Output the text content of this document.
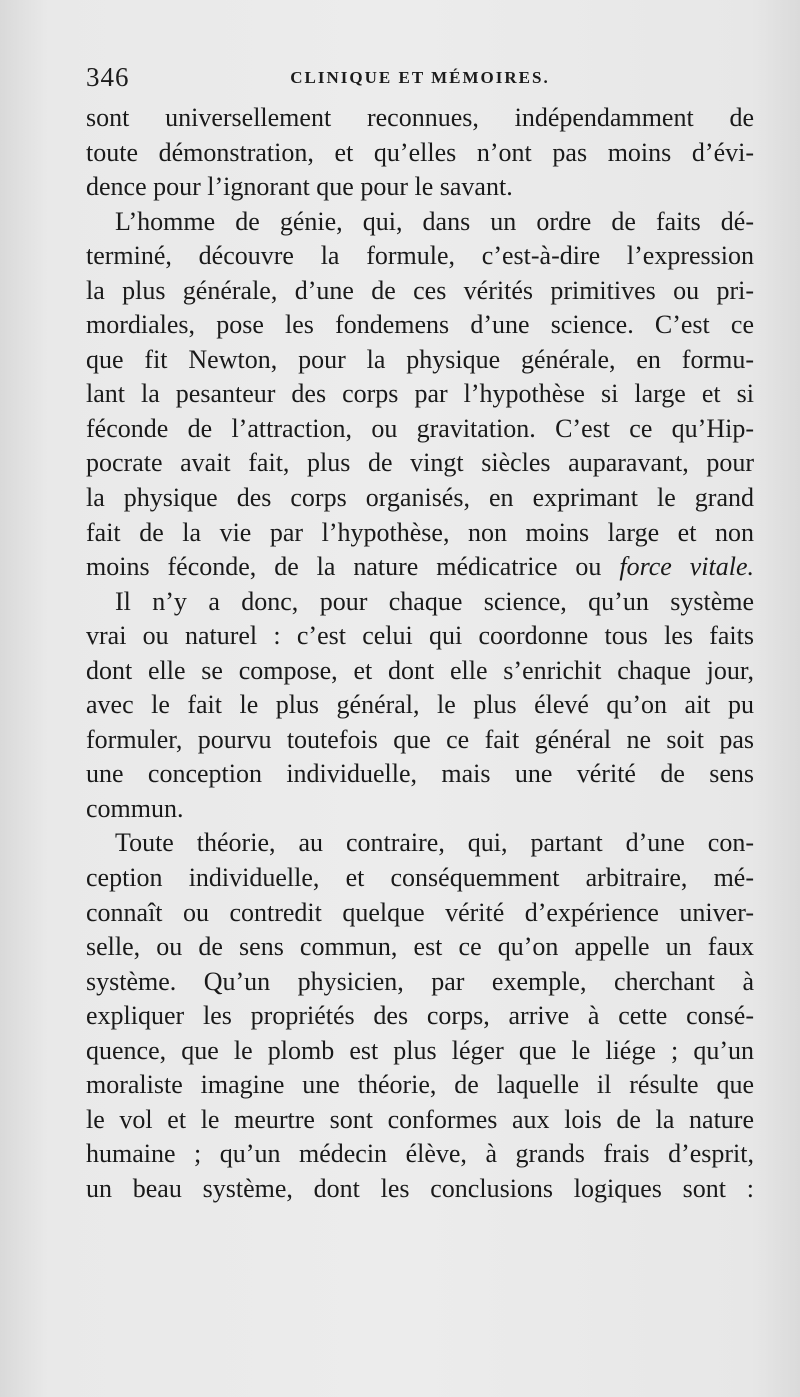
346	CLINIQUE ET MÉMOIRES.
sont universellement reconnues, indépendamment de
toute démonstration, et qu’elles n’ont pas moins d’évi-
dence pour l’ignorant que pour le savant.
L’homme de génie, qui, dans un ordre de faits dé-
terminé, découvre la formule, c’est-à-dire l’expression
la plus générale, d’une de ces vérités primitives ou pri-
mordiales, pose les fondemens d’une science. C’est ce
que fit Newton, pour la physique générale, en formu-
lant la pesanteur des corps par l’hypothèse si large et si
féconde de l’attraction, ou gravitation. C’est ce qu’Hip-
pocrate avait fait, plus de vingt siècles auparavant, pour
la physique des corps organisés, en exprimant le grand
fait de la vie par l’hypothèse, non moins large et non
moins féconde, de la nature médicatrice ou force vitale.
Il n’y a donc, pour chaque science, qu’un système
vrai ou naturel : c’est celui qui coordonne tous les faits
dont elle se compose, et dont elle s’enrichit chaque jour,
avec le fait le plus général, le plus élevé qu’on ait pu
formuler, pourvu toutefois que ce fait général ne soit pas
une conception individuelle, mais une vérité de sens
commun.
Toute théorie, au contraire, qui, partant d’une con-
ception individuelle, et conséquemment arbitraire, mé-
connaît ou contredit quelque vérité d’expérience univer-
selle, ou de sens commun, est ce qu’on appelle un faux
système. Qu’un physicien, par exemple, cherchant à
expliquer les propriétés des corps, arrive à cette consé-
quence, que le plomb est plus léger que le liége ; qu’un
moraliste imagine une théorie, de laquelle il résulte que
le vol et le meurtre sont conformes aux lois de la nature
humaine ; qu’un médecin élève, à grands frais d’esprit,
un beau système, dont les conclusions logiques sont :
